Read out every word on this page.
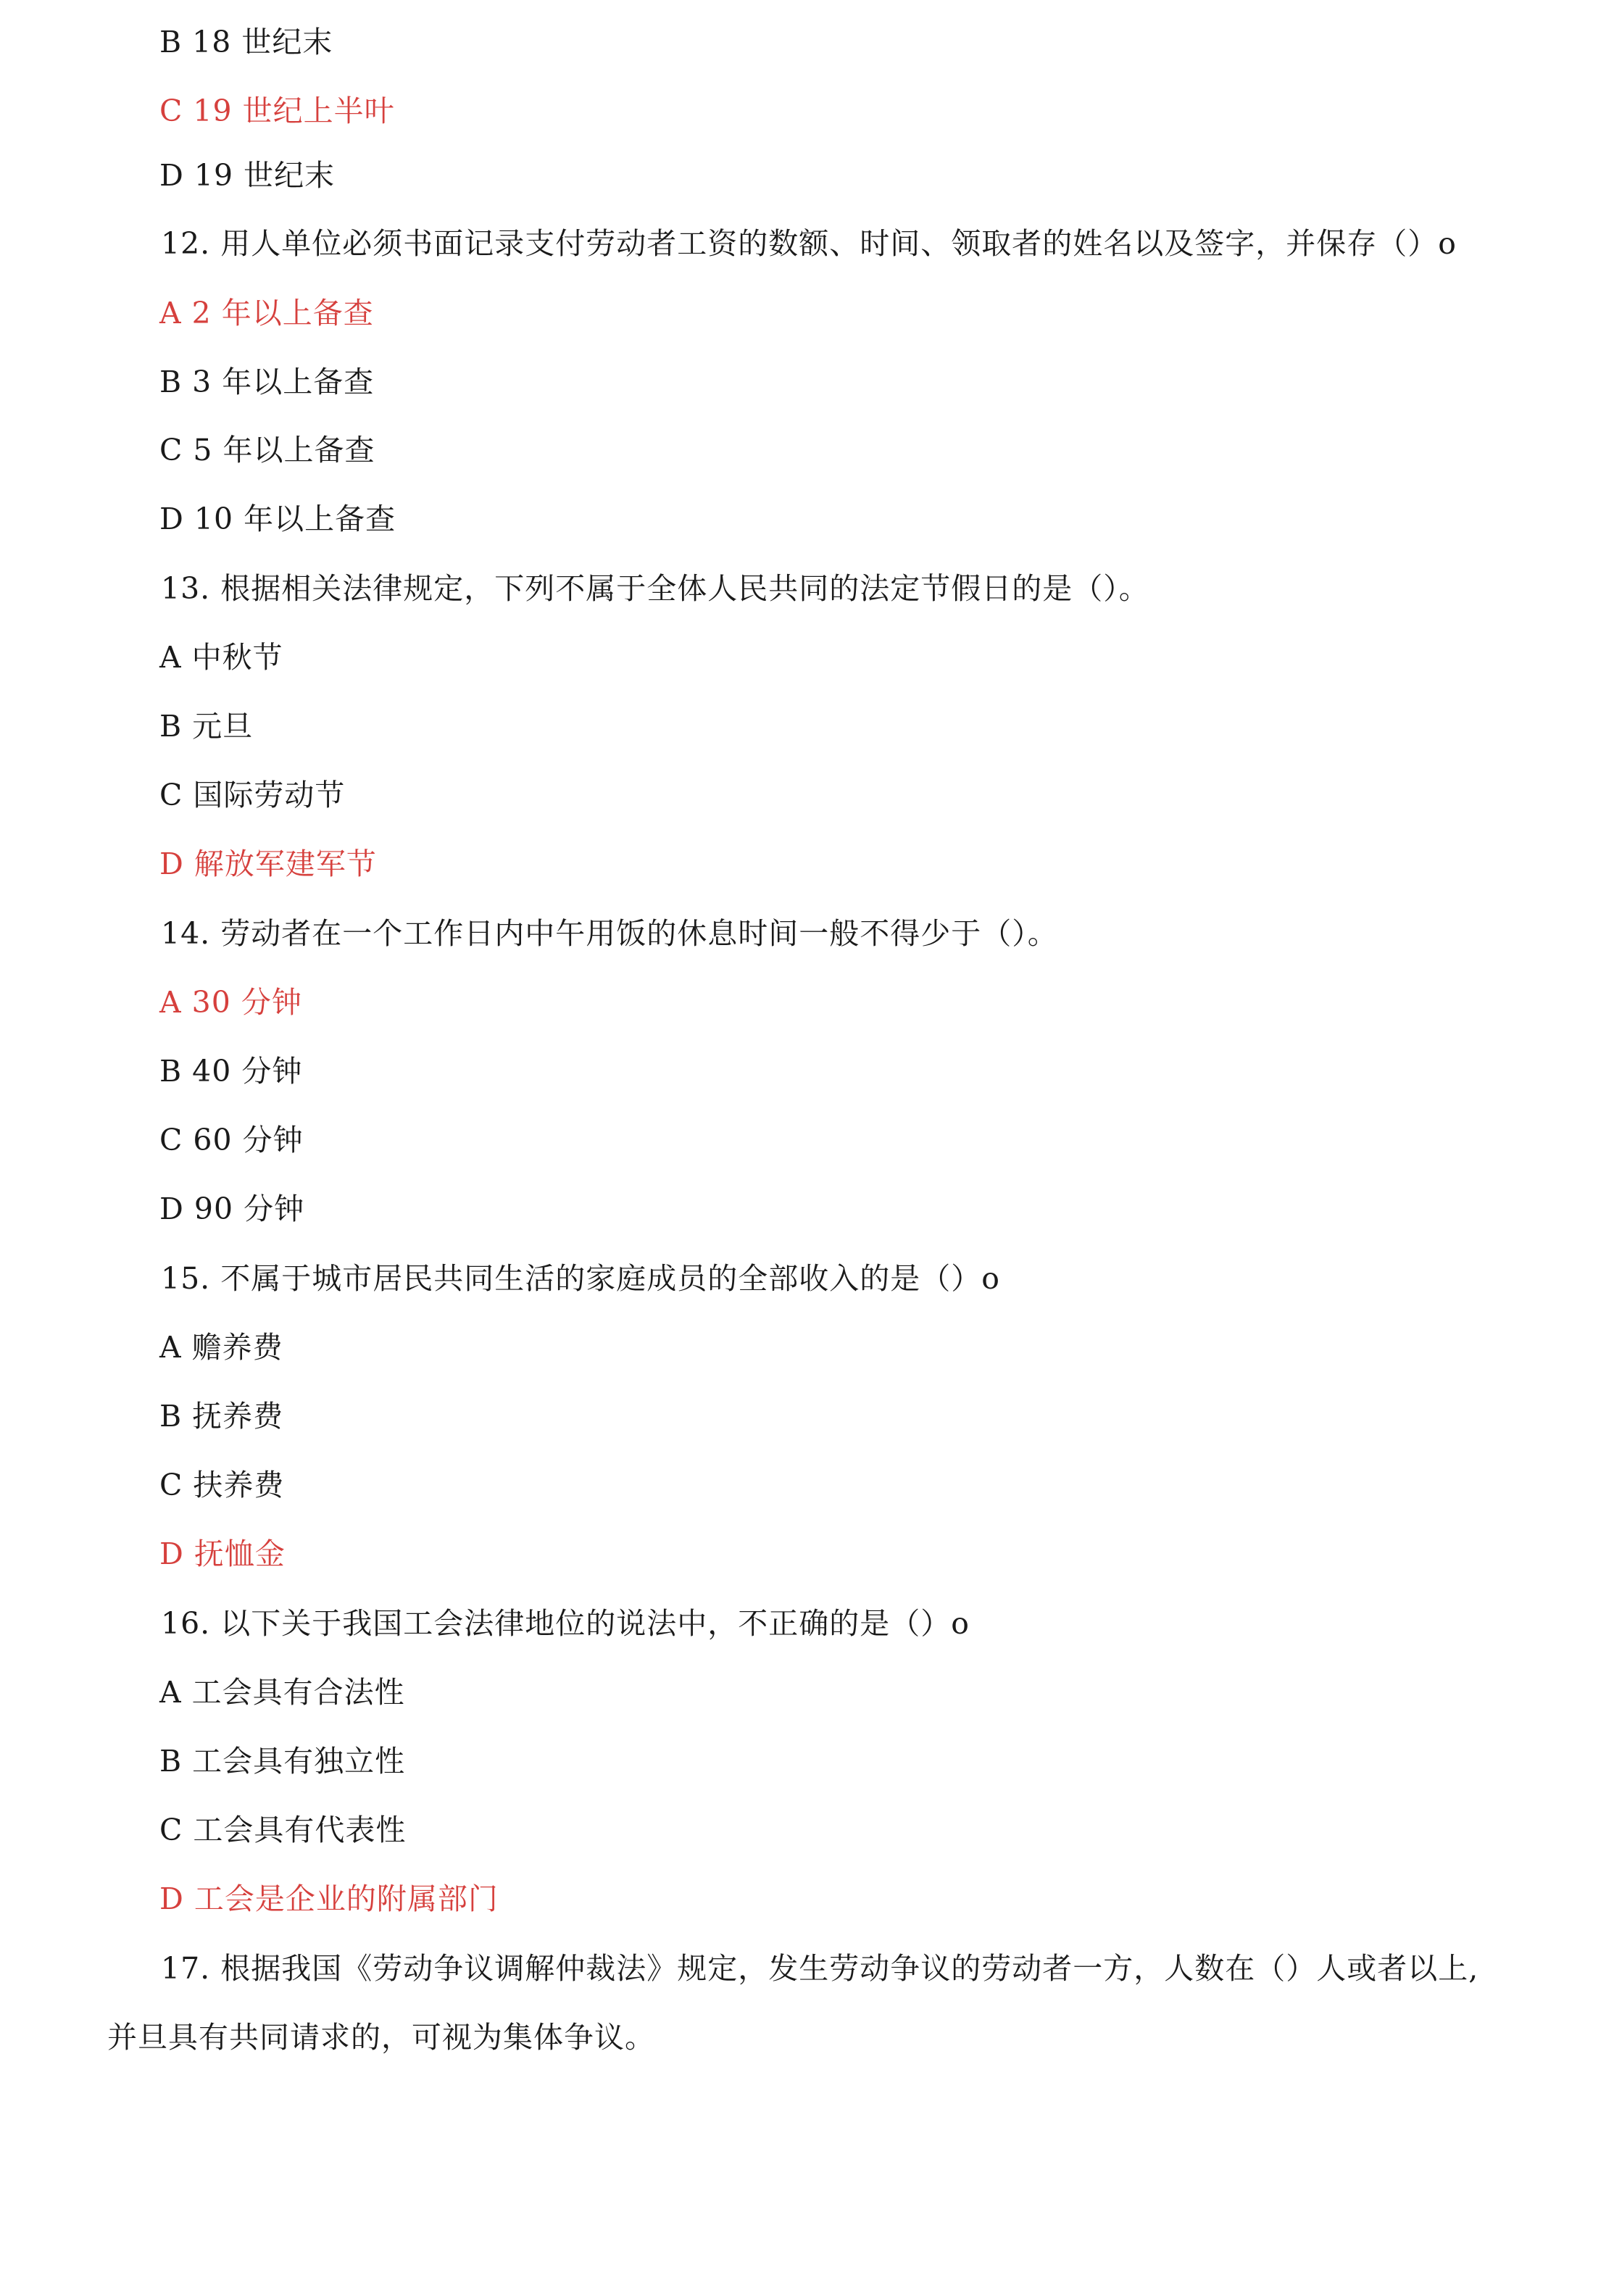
B 18 世纪末
C 19 世纪上半叶
D 19 世纪末
12. 用人单位必须书面记录支付劳动者工资的数额、时间、领取者的姓名以及签字，并保存（）o
A 2 年以上备查
B 3 年以上备查
C 5 年以上备查
D 10 年以上备查
13. 根据相关法律规定，下列不属于全体人民共同的法定节假日的是（）。
A 中秋节
B 元旦
C 国际劳动节
D 解放军建军节
14. 劳动者在一个工作日内中午用饭的休息时间一般不得少于（）。
A 30 分钟
B 40 分钟
C 60 分钟
D 90 分钟
15. 不属于城市居民共同生活的家庭成员的全部收入的是（）o
A 赡养费
B 抚养费
C 扶养费
D 抚恤金
16. 以下关于我国工会法律地位的说法中，不正确的是（）o
A 工会具有合法性
B 工会具有独立性
C 工会具有代表性
D 工会是企业的附属部门
17. 根据我国《劳动争议调解仲裁法》规定，发生劳动争议的劳动者一方，人数在（）人或者以上,
并旦具有共同请求的，可视为集体争议。
